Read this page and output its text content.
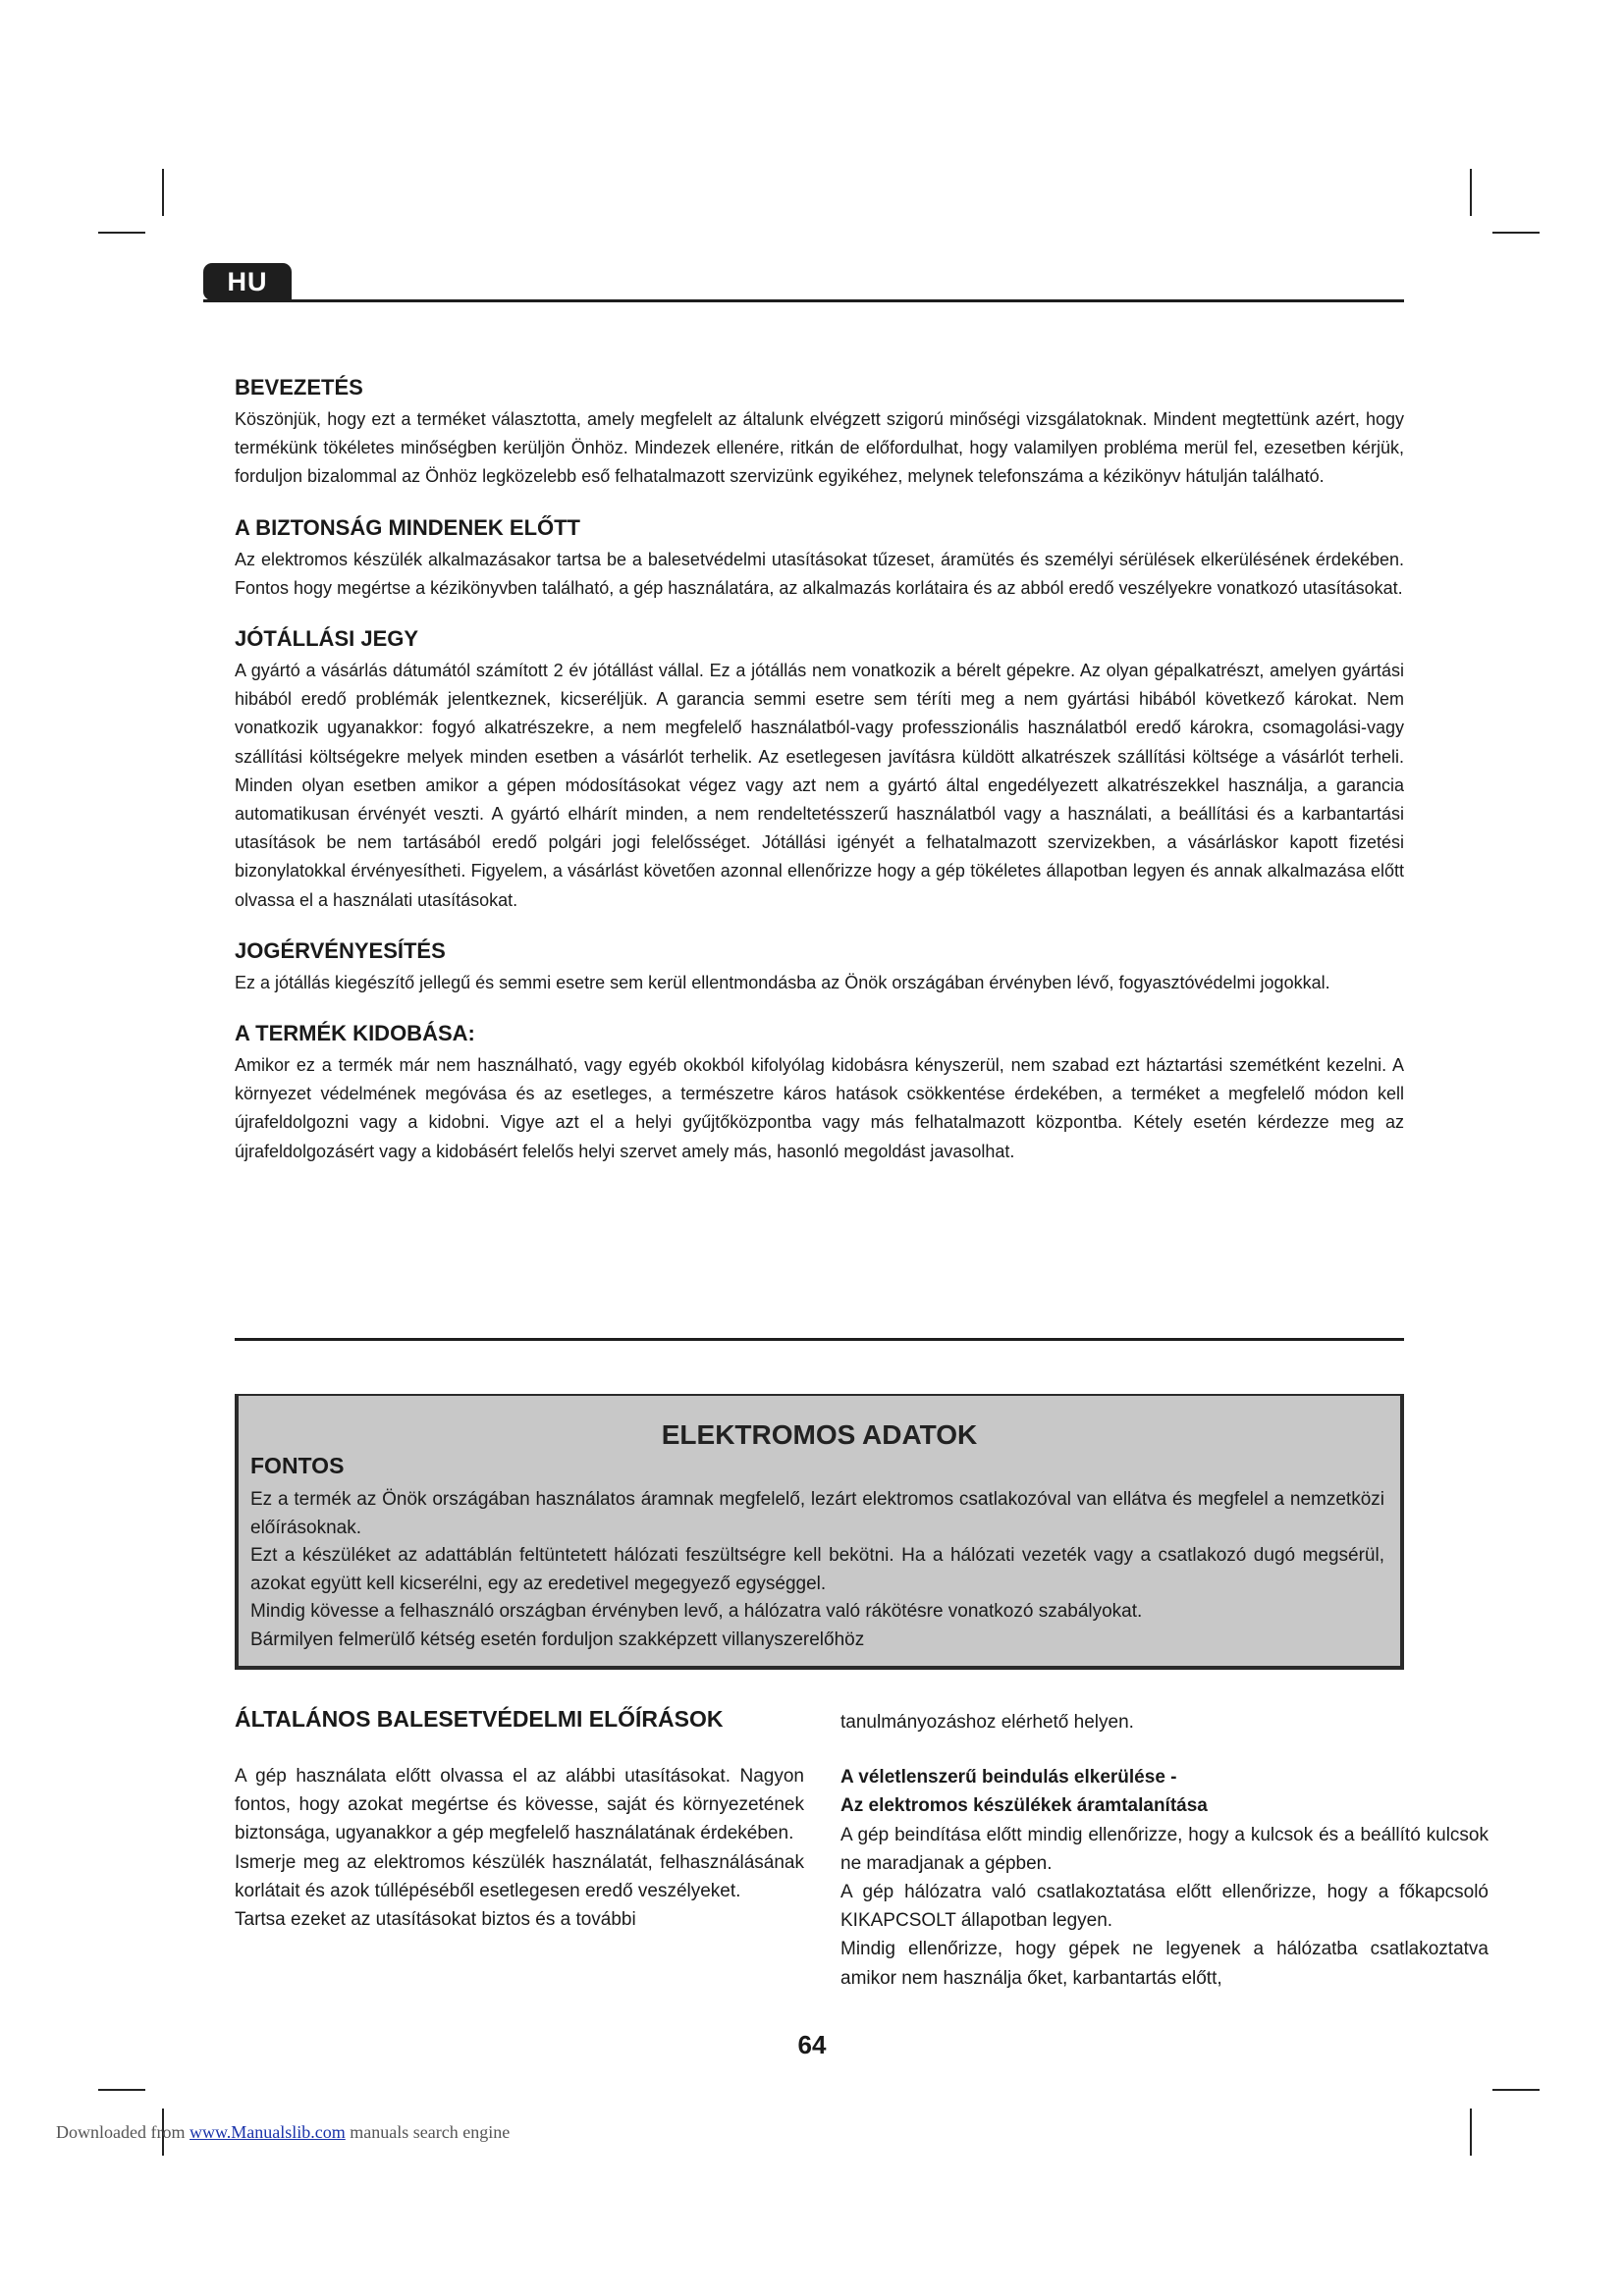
HU
BEVEZETÉS

Köszönjük, hogy ezt a terméket választotta, amely megfelelt az általunk elvégzett szigorú minőségi vizsgálatoknak. Mindent megtettünk azért, hogy termékünk tökéletes minőségben kerüljön Önhöz. Mindezek ellenére, ritkán de előfordulhat, hogy valamilyen probléma merül fel, ezesetben kérjük, forduljon bizalommal az Önhöz legközelebb eső felhatalmazott szervizünk egyikéhez, melynek telefonszáma a kézikönyv hátulján található.

A BIZTONSÁG MINDENEK ELŐTT

Az elektromos készülék alkalmazásakor tartsa be a balesetvédelmi utasításokat tűzeset, áramütés és személyi sérülések elkerülésének érdekében. Fontos hogy megértse a kézikönyvben található, a gép használatára, az alkalmazás korlátaira és az abból eredő veszélyekre vonatkozó utasításokat.

JÓTÁLLÁSI JEGY

A gyártó a vásárlás dátumától számított 2 év jótállást vállal. Ez a jótállás nem vonatkozik a bérelt gépekre. Az olyan gépalkatrészt, amelyen gyártási hibából eredő problémák jelentkeznek, kicseréljük. A garancia semmi esetre sem téríti meg a nem gyártási hibából következő károkat. Nem vonatkozik ugyanakkor: fogyó alkatrészekre, a nem megfelelő használatból-vagy professzionális használatból eredő károkra, csomagolási-vagy szállítási költségekre melyek minden esetben a vásárlót terhelik. Az esetlegesen javításra küldött alkatrészek szállítási költsége a vásárlót terheli. Minden olyan esetben amikor a gépen módosításokat végez vagy azt nem a gyártó által engedélyezett alkatrészekkel használja, a garancia automatikusan érvényét veszti. A gyártó elhárít minden, a nem rendeltetésszerű használatból vagy a használati, a beállítási és a karbantartási utasítások be nem tartásából eredő polgári jogi felelősséget. Jótállási igényét a felhatalmazott szervizekben, a vásárláskor kapott fizetési bizonylatokkal érvényesítheti. Figyelem, a vásárlást követően azonnal ellenőrizze hogy a gép tökéletes állapotban legyen és annak alkalmazása előtt olvassa el a használati utasításokat.

JOGÉRVÉNYESÍTÉS

Ez a jótállás kiegészítő jellegű és semmi esetre sem kerül ellentmondásba az Önök országában érvényben lévő, fogyasztóvédelmi jogokkal.

A TERMÉK KIDOBÁSA:

Amikor ez a termék már nem használható, vagy egyéb okokból kifolyólag kidobásra kényszerül, nem szabad ezt háztartási szemétként kezelni. A környezet védelmének megóvása és az esetleges, a természetre káros hatások csökkentése érdekében, a terméket a megfelelő módon kell újrafeldolgozni vagy a kidobni. Vigye azt el a helyi gyűjtőközpontba vagy más felhatalmazott központba. Kétely esetén kérdezze meg az újrafeldolgozásért vagy a kidobásért felelős helyi szervet amely más, hasonló megoldást javasolhat.

ELEKTROMOS ADATOK
FONTOS

Ez a termék az Önök országában használatos áramnak megfelelő, lezárt elektromos csatlakozóval van ellátva és megfelel a nemzetközi előírásoknak.

Ezt a készüléket az adattáblán feltüntetett hálózati feszültségre kell bekötni. Ha a hálózati vezeték vagy a csatlakozó dugó megsérül, azokat együtt kell kicserélni, egy az eredetivel megegyező egységgel.

Mindig kövesse a felhasználó országban érvényben levő, a hálózatra való rákötésre vonatkozó szabályokat.

Bármilyen felmerülő kétség esetén forduljon szakképzett villanyszerelőhöz

ÁLTALÁNOS BALESETVÉDELMI ELŐÍRÁSOK

A gép használata előtt olvassa el az alábbi utasításokat. Nagyon fontos, hogy azokat megértse és kövesse, saját és környezetének biztonsága, ugyanakkor a gép megfelelő használatának érdekében.

Ismerje meg az elektromos készülék használatát, felhasználásának korlátait és azok túllépéséből esetlegesen eredő veszélyeket.

Tartsa ezeket az utasításokat biztos és a további

tanulmányozáshoz elérhető helyen.

A véletlenszerű beindulás elkerülése -

Az elektromos készülékek áramtalanítása

A gép beindítása előtt mindig ellenőrizze, hogy a kulcsok és a beállító kulcsok ne maradjanak a gépben.

A gép hálózatra való csatlakoztatása előtt ellenőrizze, hogy a főkapcsoló KIKAPCSOLT állapotban legyen.

Mindig ellenőrizze, hogy gépek ne legyenek a hálózatba csatlakoztatva amikor nem használja őket, karbantartás előtt,

64
Downloaded from www.Manualslib.com manuals search engine
